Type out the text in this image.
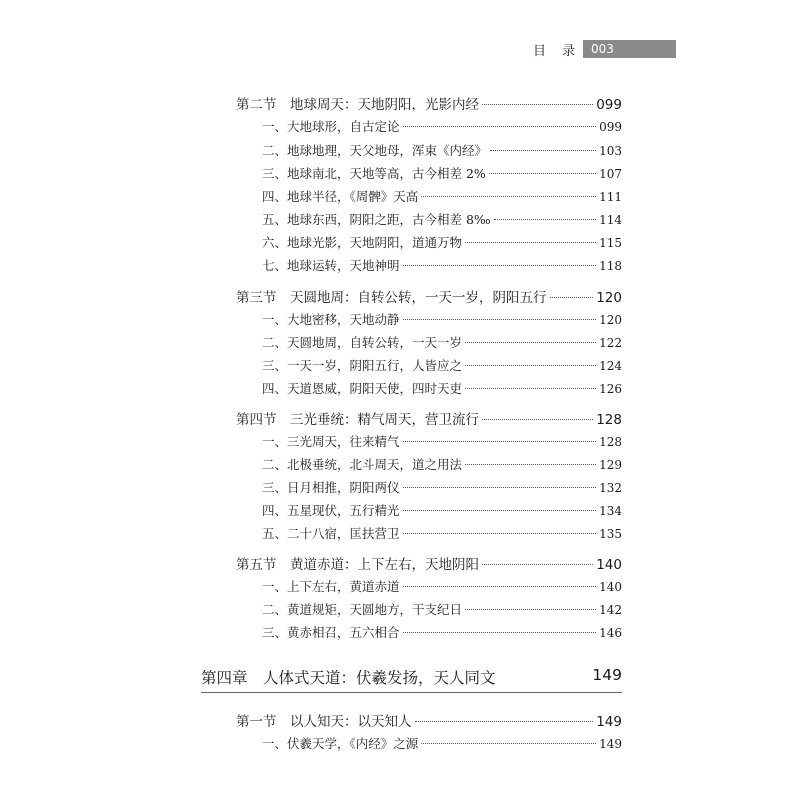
目 录 003
第二节 地球周天：天地阴阳，光影内经	099
一、大地球形，自古定论	099
二、地球地理，天父地母，浑束《内经》	103
三、地球南北，天地等高，古今相差 2%	107
四、地球半径，《周髀》天高	111
五、地球东西，阴阳之距，古今相差 8‰	114
六、地球光影，天地阴阳，道通万物	115
七、地球运转，天地神明	118
第三节 天圆地周：自转公转，一天一岁，阴阳五行	120
一、大地密移，天地动静	120
二、天圆地周，自转公转，一天一岁	122
三、一天一岁，阴阳五行，人皆应之	124
四、天道恩威，阴阳天使，四时天吏	126
第四节 三光垂统：精气周天，营卫流行	128
一、三光周天，往来精气	128
二、北极垂统，北斗周天，道之用法	129
三、日月相推，阴阳两仪	132
四、五星现伏，五行精光	134
五、二十八宿，匡扶营卫	135
第五节 黄道赤道：上下左右，天地阴阳	140
一、上下左右，黄道赤道	140
二、黄道规矩，天圆地方，干支纪日	142
三、黄赤相召，五六相合	146
第四章　人体式天道：伏羲发扬，天人同文	149
第一节 以人知天：以天知人	149
一、伏羲天学，《内经》之源	149
